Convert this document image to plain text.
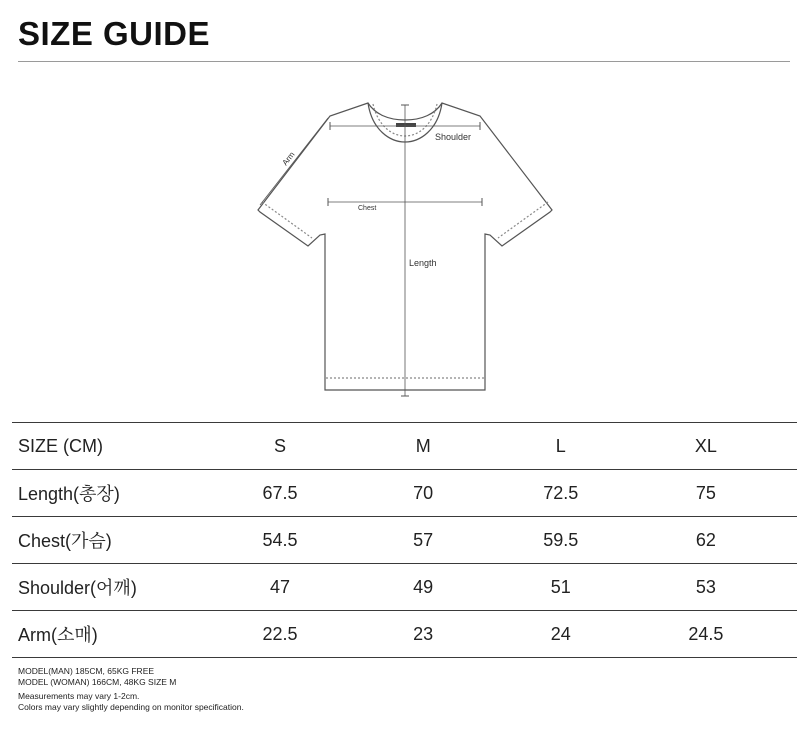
SIZE GUIDE
Shoulder
Chest
Length
Arm
SIZE (CM)	S	M	L	XL
Length(총장)	67.5	70	72.5	75
Chest(가슴)	54.5	57	59.5	62
Shoulder(어깨)	47	49	51	53
Arm(소매)	22.5	23	24	24.5
MODEL(MAN) 185CM, 65KG FREE
MODEL (WOMAN) 166CM, 48KG SIZE M
Measurements may vary 1-2cm.
Colors may vary slightly depending on monitor specification.
